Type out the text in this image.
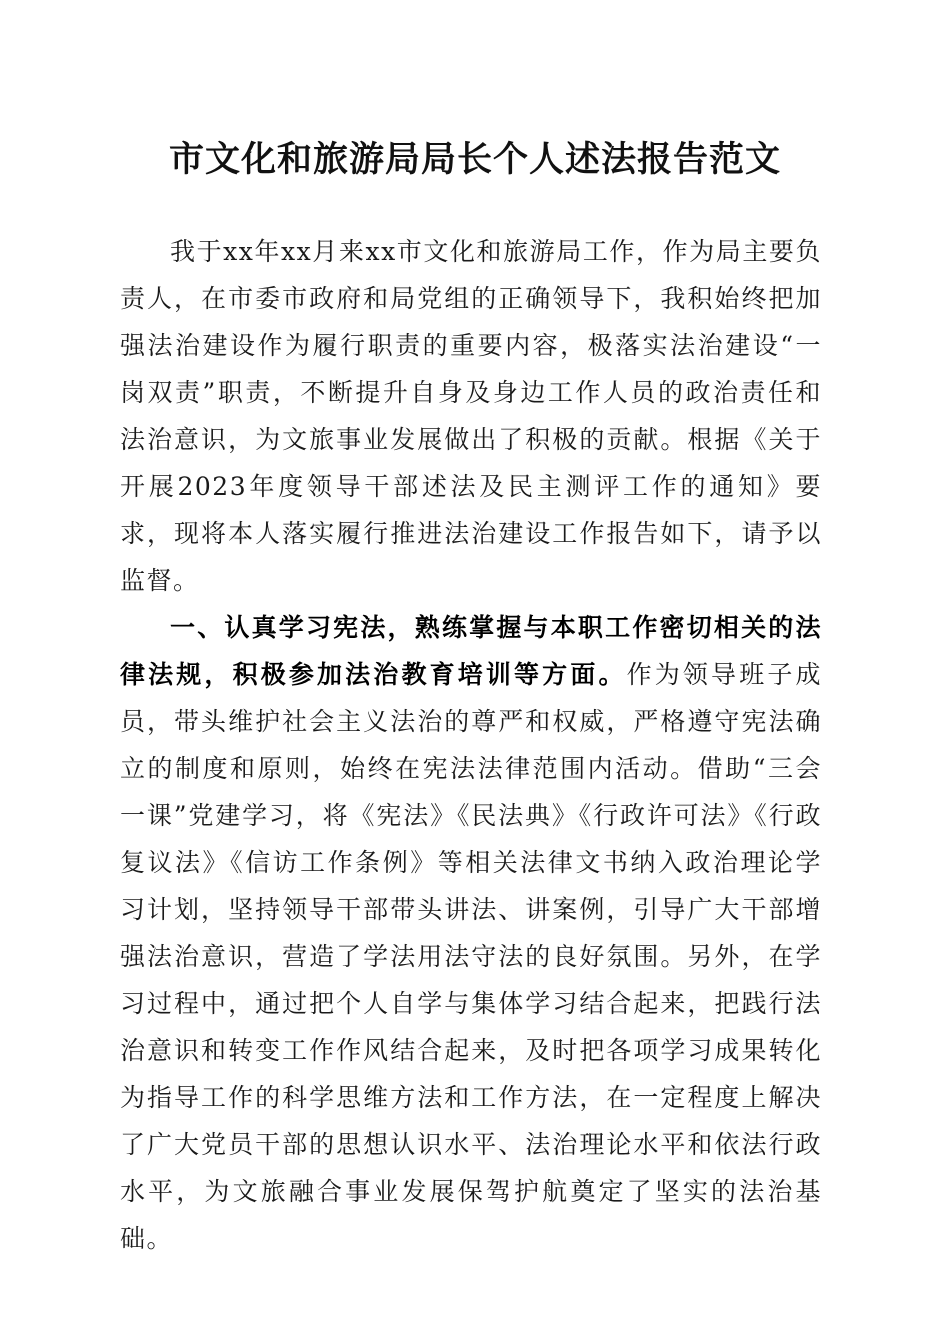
市文化和旅游局局长个人述法报告范文

我于xx年xx月来xx市文化和旅游局工作，作为局主要负责人，在市委市政府和局党组的正确领导下，我积始终把加强法治建设作为履行职责的重要内容，极落实法治建设“一岗双责”职责，不断提升自身及身边工作人员的政治责任和法治意识，为文旅事业发展做出了积极的贡献。根据《关于开展2023年度领导干部述法及民主测评工作的通知》要求，现将本人落实履行推进法治建设工作报告如下，请予以监督。

一、认真学习宪法，熟练掌握与本职工作密切相关的法律法规，积极参加法治教育培训等方面。作为领导班子成员，带头维护社会主义法治的尊严和权威，严格遵守宪法确立的制度和原则，始终在宪法法律范围内活动。借助“三会一课”党建学习，将《宪法》《民法典》《行政许可法》《行政复议法》《信访工作条例》等相关法律文书纳入政治理论学习计划，坚持领导干部带头讲法、讲案例，引导广大干部增强法治意识，营造了学法用法守法的良好氛围。另外，在学习过程中，通过把个人自学与集体学习结合起来，把践行法治意识和转变工作作风结合起来，及时把各项学习成果转化为指导工作的科学思维方法和工作方法，在一定程度上解决了广大党员干部的思想认识水平、法治理论水平和依法行政水平，为文旅融合事业发展保驾护航奠定了坚实的法治基础。
